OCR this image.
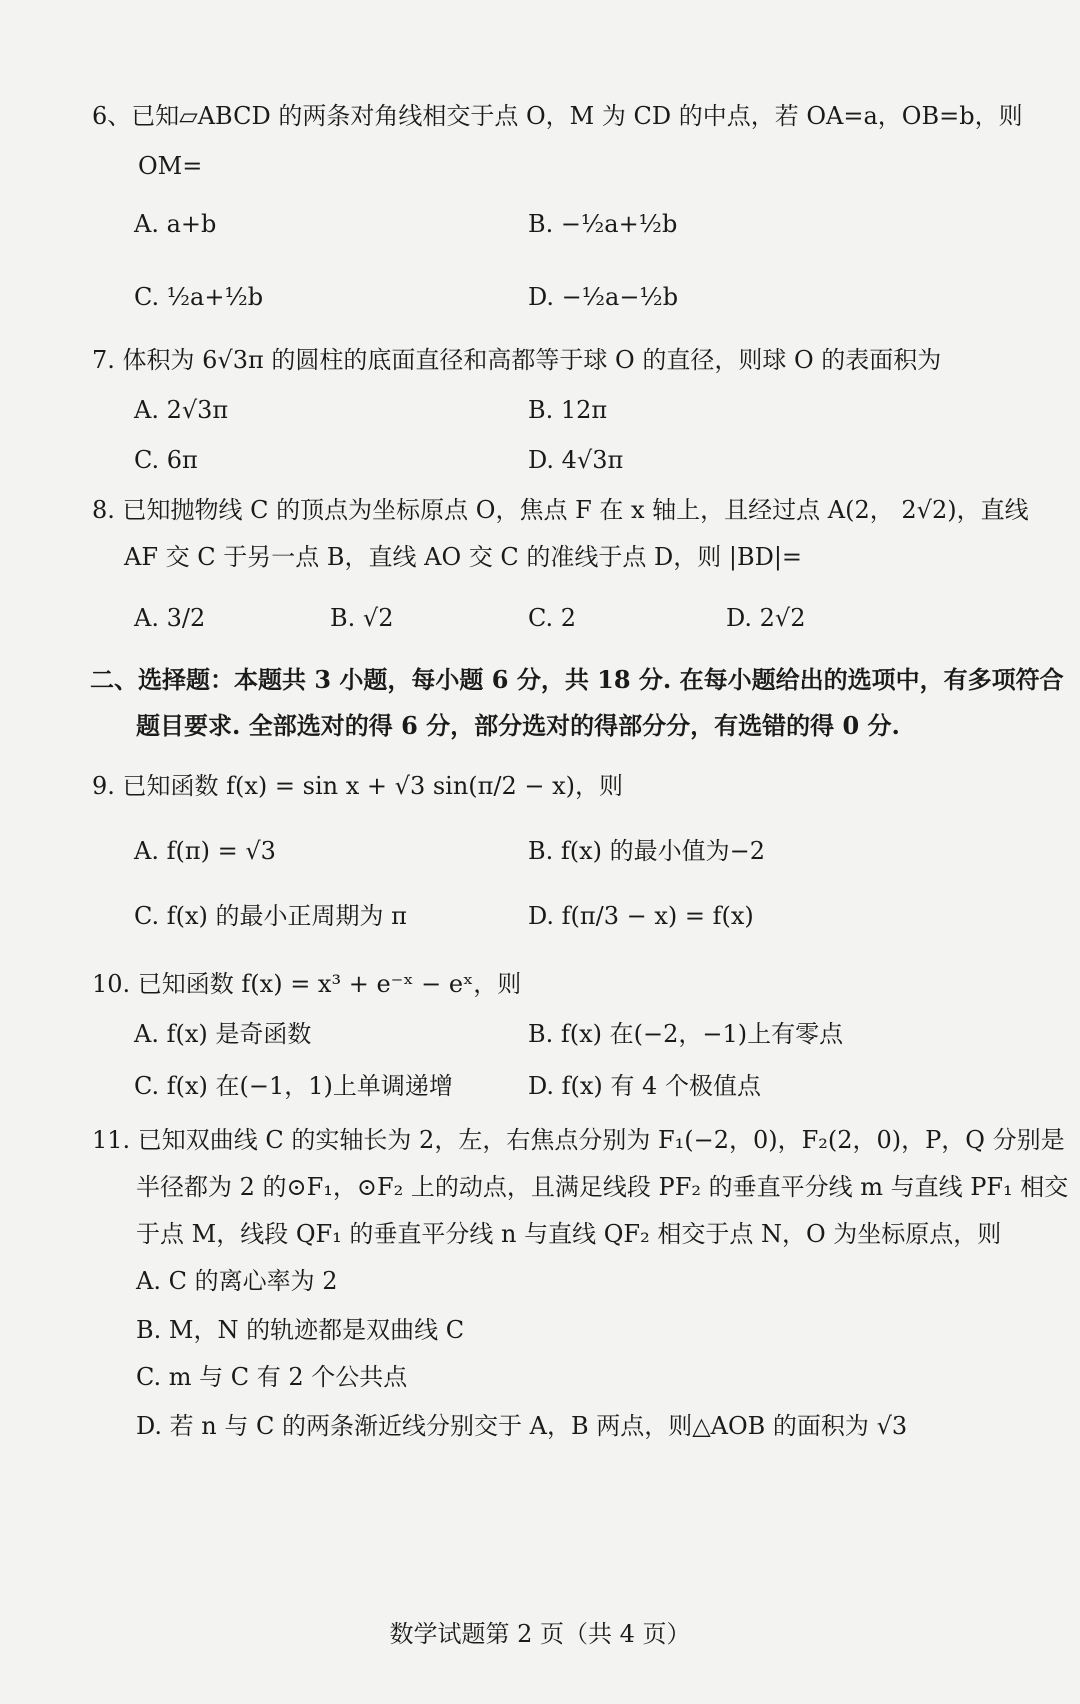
6、已知▱ABCD 的两条对角线相交于点 O，M 为 CD 的中点，若 OA=a，OB=b，则
OM=
A. a+b	B. −½a+½b
C. ½a+½b	D. −½a−½b
7. 体积为 6√3π 的圆柱的底面直径和高都等于球 O 的直径，则球 O 的表面积为
A. 2√3π	B. 12π
C. 6π	D. 4√3π
8. 已知抛物线 C 的顶点为坐标原点 O，焦点 F 在 x 轴上，且经过点 A(2， 2√2)，直线
AF 交 C 于另一点 B，直线 AO 交 C 的准线于点 D，则 |BD|=
A. 3/2	B. √2	C. 2	D. 2√2
二、选择题：本题共 3 小题，每小题 6 分，共 18 分. 在每小题给出的选项中，有多项符合
题目要求. 全部选对的得 6 分，部分选对的得部分分，有选错的得 0 分.
9. 已知函数 f(x) = sin x + √3 sin(π/2 − x)，则
A. f(π) = √3	B. f(x) 的最小值为−2
C. f(x) 的最小正周期为 π	D. f(π/3 − x) = f(x)
10. 已知函数 f(x) = x³ + e⁻ˣ − eˣ，则
A. f(x) 是奇函数	B. f(x) 在(−2，−1)上有零点
C. f(x) 在(−1，1)上单调递增	D. f(x) 有 4 个极值点
11. 已知双曲线 C 的实轴长为 2，左，右焦点分别为 F₁(−2，0)，F₂(2，0)，P，Q 分别是
半径都为 2 的⊙F₁，⊙F₂ 上的动点，且满足线段 PF₂ 的垂直平分线 m 与直线 PF₁ 相交
于点 M，线段 QF₁ 的垂直平分线 n 与直线 QF₂ 相交于点 N，O 为坐标原点，则
A. C 的离心率为 2
B. M，N 的轨迹都是双曲线 C
C. m 与 C 有 2 个公共点
D. 若 n 与 C 的两条渐近线分别交于 A，B 两点，则△AOB 的面积为 √3
数学试题第 2 页（共 4 页）
